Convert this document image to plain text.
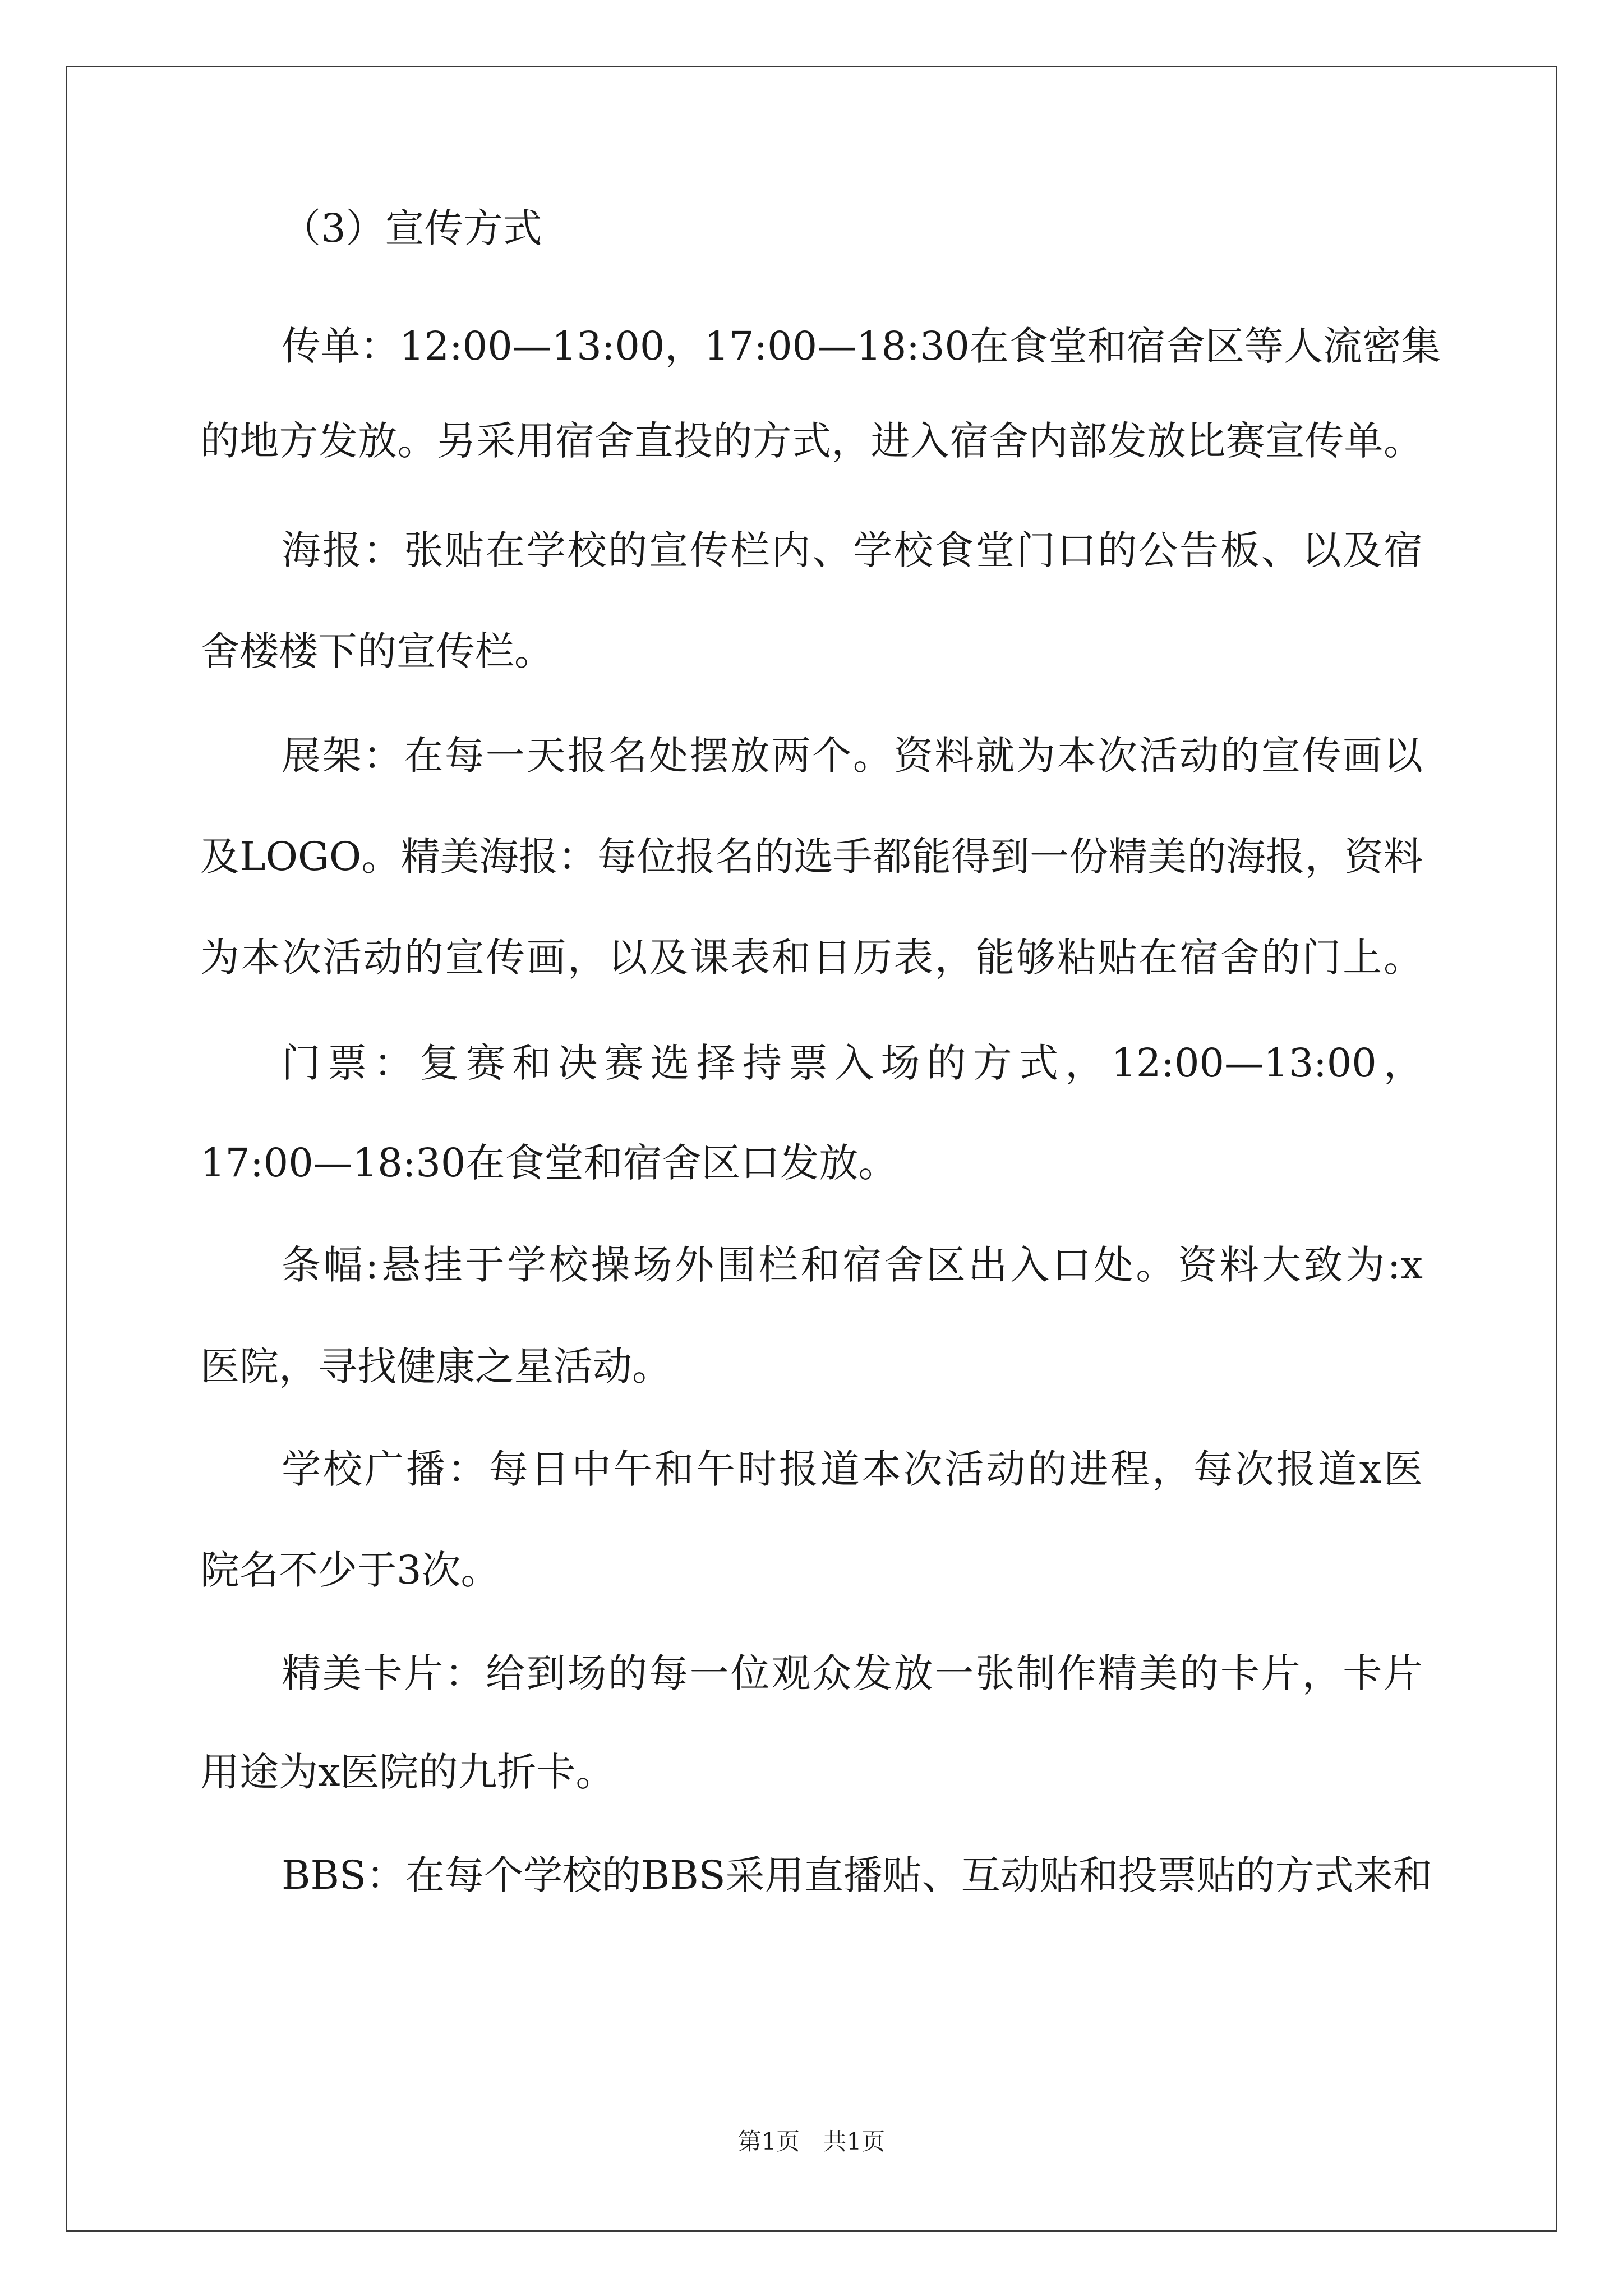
（3）宣传方式
传单：12:00—13:00，17:00—18:30在食堂和宿舍区等人流密集
的地方发放。另采用宿舍直投的方式，进入宿舍内部发放比赛宣传单。
海报：张贴在学校的宣传栏内、学校食堂门口的公告板、以及宿
舍楼楼下的宣传栏。
展架：在每一天报名处摆放两个。资料就为本次活动的宣传画以
及LOGO。精美海报：每位报名的选手都能得到一份精美的海报，资料
为本次活动的宣传画，以及课表和日历表，能够粘贴在宿舍的门上。
门票：复赛和决赛选择持票入场的方式，12:00—13:00，
17:00—18:30在食堂和宿舍区口发放。
条幅:悬挂于学校操场外围栏和宿舍区出入口处。资料大致为:x
医院，寻找健康之星活动。
学校广播：每日中午和午时报道本次活动的进程，每次报道x医
院名不少于3次。
精美卡片：给到场的每一位观众发放一张制作精美的卡片，卡片
用途为x医院的九折卡。
BBS：在每个学校的BBS采用直播贴、互动贴和投票贴的方式来和
第1页 共1页
